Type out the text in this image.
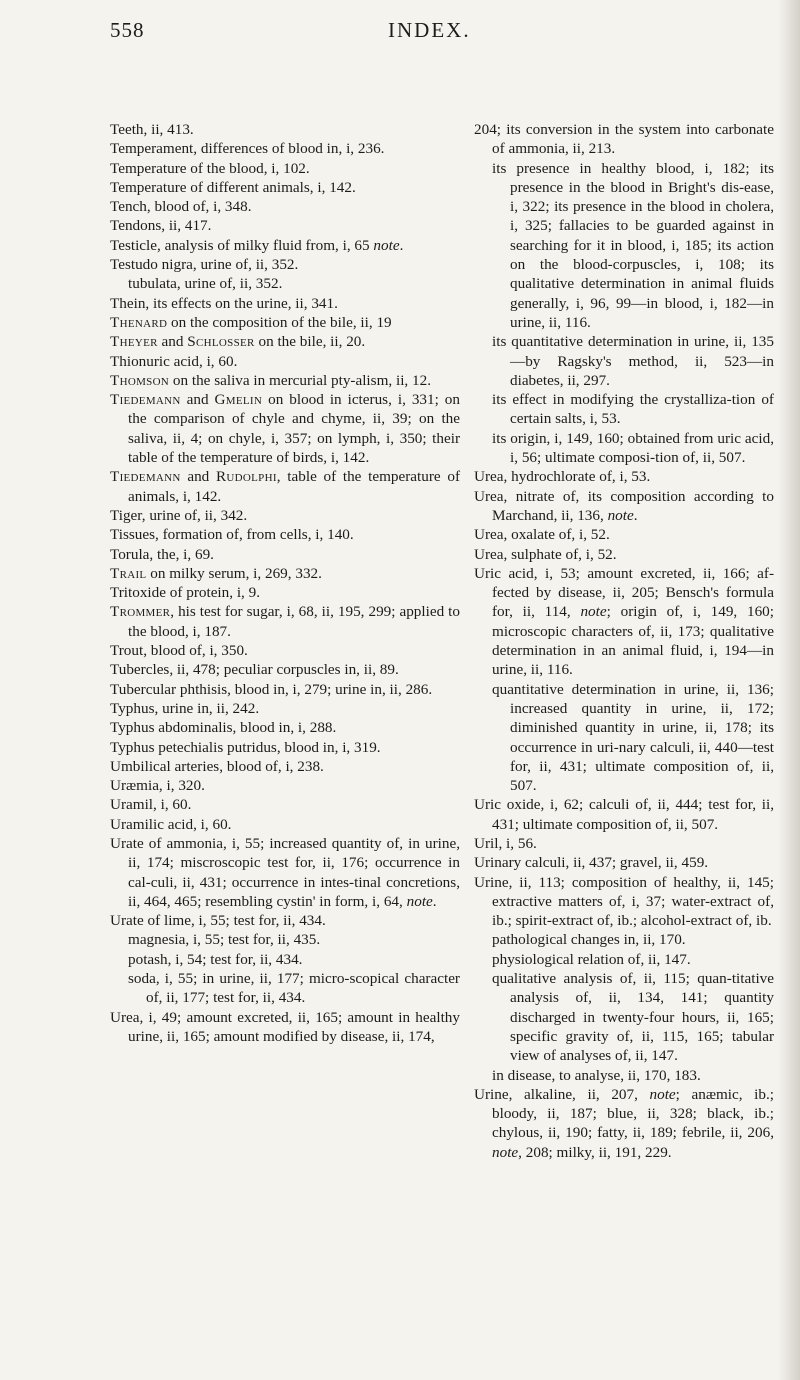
558	INDEX.
Teeth, ii, 413.
Temperament, differences of blood in, i, 236.
Temperature of the blood, i, 102.
Temperature of different animals, i, 142.
Tench, blood of, i, 348.
Tendons, ii, 417.
Testicle, analysis of milky fluid from, i, 65 note.
Testudo nigra, urine of, ii, 352.
tubulata, urine of, ii, 352.
Thein, its effects on the urine, ii, 341.
Thenard on the composition of the bile, ii, 19
Theyer and Schlosser on the bile, ii, 20.
Thionuric acid, i, 60.
Thomson on the saliva in mercurial pty-alism, ii, 12.
Tiedemann and Gmelin on blood in icterus, i, 331; on the comparison of chyle and chyme, ii, 39; on the saliva, ii, 4; on chyle, i, 357; on lymph, i, 350; their table of the temperature of birds, i, 142.
Tiedemann and Rudolphi, table of the temperature of animals, i, 142.
Tiger, urine of, ii, 342.
Tissues, formation of, from cells, i, 140.
Torula, the, i, 69.
Trail on milky serum, i, 269, 332.
Tritoxide of protein, i, 9.
Trommer, his test for sugar, i, 68, ii, 195, 299; applied to the blood, i, 187.
Trout, blood of, i, 350.
Tubercles, ii, 478; peculiar corpuscles in, ii, 89.
Tubercular phthisis, blood in, i, 279; urine in, ii, 286.
Typhus, urine in, ii, 242.
Typhus abdominalis, blood in, i, 288.
Typhus petechialis putridus, blood in, i, 319.
Umbilical arteries, blood of, i, 238.
Uræmia, i, 320.
Uramil, i, 60.
Uramilic acid, i, 60.
Urate of ammonia, i, 55; increased quantity of, in urine, ii, 174; miscroscopic test for, ii, 176; occurrence in cal-culi, ii, 431; occurrence in intes-tinal concretions, ii, 464, 465; resembling cystin' in form, i, 64, note.
Urate of lime, i, 55; test for, ii, 434.
magnesia, i, 55; test for, ii, 435.
potash, i, 54; test for, ii, 434.
soda, i, 55; in urine, ii, 177; micro-scopical character of, ii, 177; test for, ii, 434.
Urea, i, 49; amount excreted, ii, 165; amount in healthy urine, ii, 165; amount modified by disease, ii, 174,
204; its conversion in the system into carbonate of ammonia, ii, 213.
its presence in healthy blood, i, 182; its presence in the blood in Bright's dis-ease, i, 322; its presence in the blood in cholera, i, 325; fallacies to be guarded against in searching for it in blood, i, 185; its action on the blood-corpuscles, i, 108; its qualitative determination in animal fluids generally, i, 96, 99—in blood, i, 182—in urine, ii, 116.
its quantitative determination in urine, ii, 135—by Ragsky's method, ii, 523—in diabetes, ii, 297.
its effect in modifying the crystalliza-tion of certain salts, i, 53.
its origin, i, 149, 160; obtained from uric acid, i, 56; ultimate composi-tion of, ii, 507.
Urea, hydrochlorate of, i, 53.
Urea, nitrate of, its composition according to Marchand, ii, 136, note.
Urea, oxalate of, i, 52.
Urea, sulphate of, i, 52.
Uric acid, i, 53; amount excreted, ii, 166; af-fected by disease, ii, 205; Bensch's formula for, ii, 114, note; origin of, i, 149, 160; microscopic characters of, ii, 173; qualitative determination in an animal fluid, i, 194—in urine, ii, 116.
quantitative determination in urine, ii, 136; increased quantity in urine, ii, 172; diminished quantity in urine, ii, 178; its occurrence in uri-nary calculi, ii, 440—test for, ii, 431; ultimate composition of, ii, 507.
Uric oxide, i, 62; calculi of, ii, 444; test for, ii, 431; ultimate composition of, ii, 507.
Uril, i, 56.
Urinary calculi, ii, 437; gravel, ii, 459.
Urine, ii, 113; composition of healthy, ii, 145; extractive matters of, i, 37; water-extract of, ib.; spirit-extract of, ib.; alcohol-extract of, ib.
pathological changes in, ii, 170.
physiological relation of, ii, 147.
qualitative analysis of, ii, 115; quan-titative analysis of, ii, 134, 141; quantity discharged in twenty-four hours, ii, 165; specific gravity of, ii, 115, 165; tabular view of analyses of, ii, 147.
in disease, to analyse, ii, 170, 183.
Urine, alkaline, ii, 207, note; anæmic, ib.; bloody, ii, 187; blue, ii, 328; black, ib.; chylous, ii, 190; fatty, ii, 189; febrile, ii, 206, note, 208; milky, ii, 191, 229.
